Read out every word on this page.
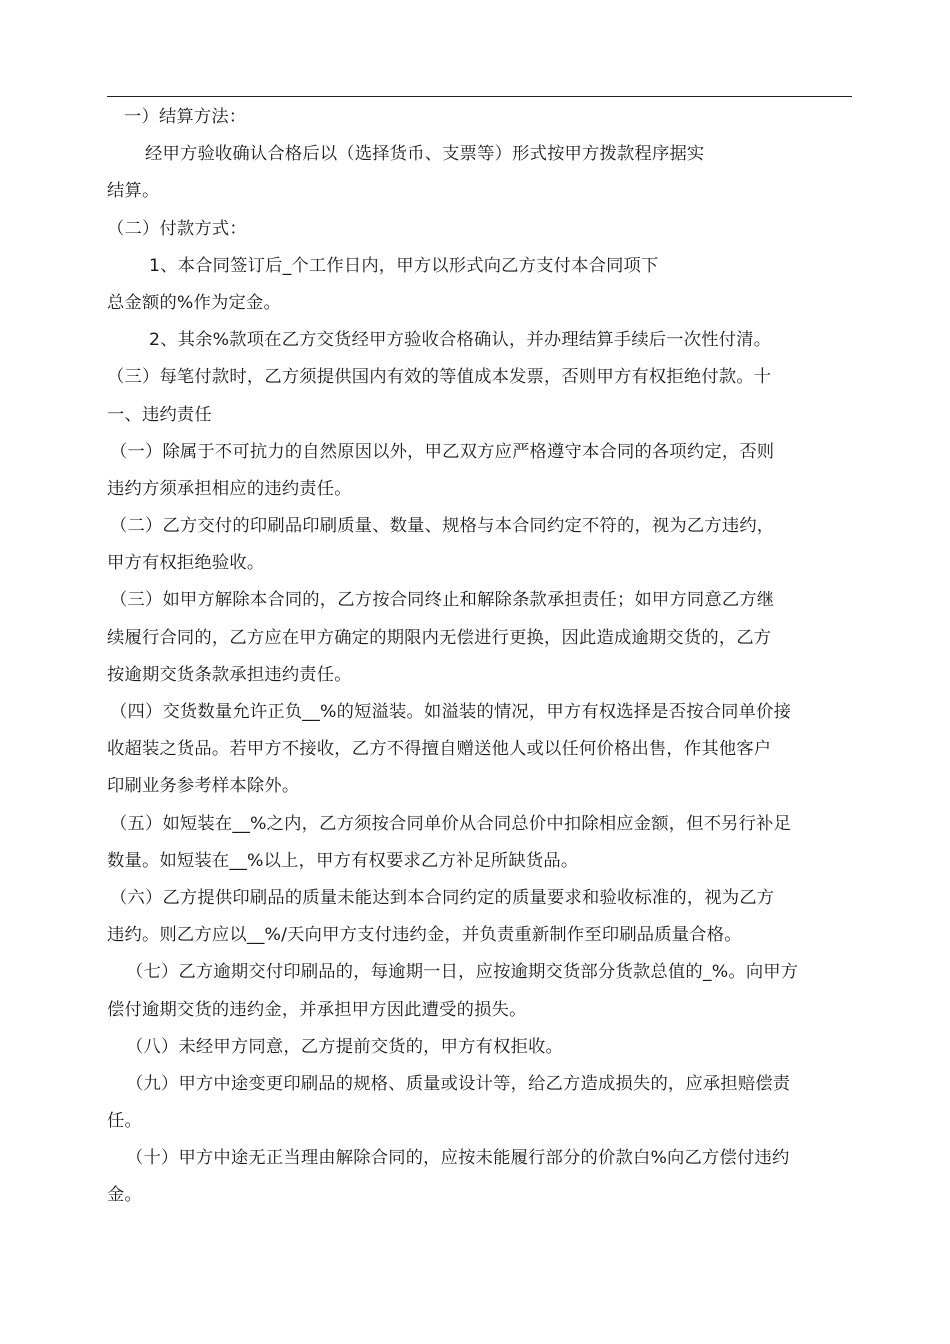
一）结算方法：
经甲方验收确认合格后以（选择货币、支票等）形式按甲方拨款程序据实
结算。
（二）付款方式：
1、本合同签订后_个工作日内，甲方以形式向乙方支付本合同项下
总金额的%作为定金。
2、其余%款项在乙方交货经甲方验收合格确认，并办理结算手续后一次性付清。
（三）每笔付款时，乙方须提供国内有效的等值成本发票，否则甲方有权拒绝付款。十
一、违约责任
（一）除属于不可抗力的自然原因以外，甲乙双方应严格遵守本合同的各项约定，否则
违约方须承担相应的违约责任。
（二）乙方交付的印刷品印刷质量、数量、规格与本合同约定不符的，视为乙方违约，
甲方有权拒绝验收。
（三）如甲方解除本合同的，乙方按合同终止和解除条款承担责任；如甲方同意乙方继
续履行合同的，乙方应在甲方确定的期限内无偿进行更换，因此造成逾期交货的，乙方
按逾期交货条款承担违约责任。
（四）交货数量允许正负__%的短溢装。如溢装的情况，甲方有权选择是否按合同单价接
收超装之货品。若甲方不接收，乙方不得擅自赠送他人或以任何价格出售，作其他客户
印刷业务参考样本除外。
（五）如短装在__%之内，乙方须按合同单价从合同总价中扣除相应金额，但不另行补足
数量。如短装在__%以上，甲方有权要求乙方补足所缺货品。
（六）乙方提供印刷品的质量未能达到本合同约定的质量要求和验收标准的，视为乙方
违约。则乙方应以__%/天向甲方支付违约金，并负责重新制作至印刷品质量合格。
（七）乙方逾期交付印刷品的，每逾期一日，应按逾期交货部分货款总值的_%。向甲方
偿付逾期交货的违约金，并承担甲方因此遭受的损失。
（八）未经甲方同意，乙方提前交货的，甲方有权拒收。
（九）甲方中途变更印刷品的规格、质量或设计等，给乙方造成损失的，应承担赔偿责
任。
（十）甲方中途无正当理由解除合同的，应按未能履行部分的价款白%向乙方偿付违约
金。
